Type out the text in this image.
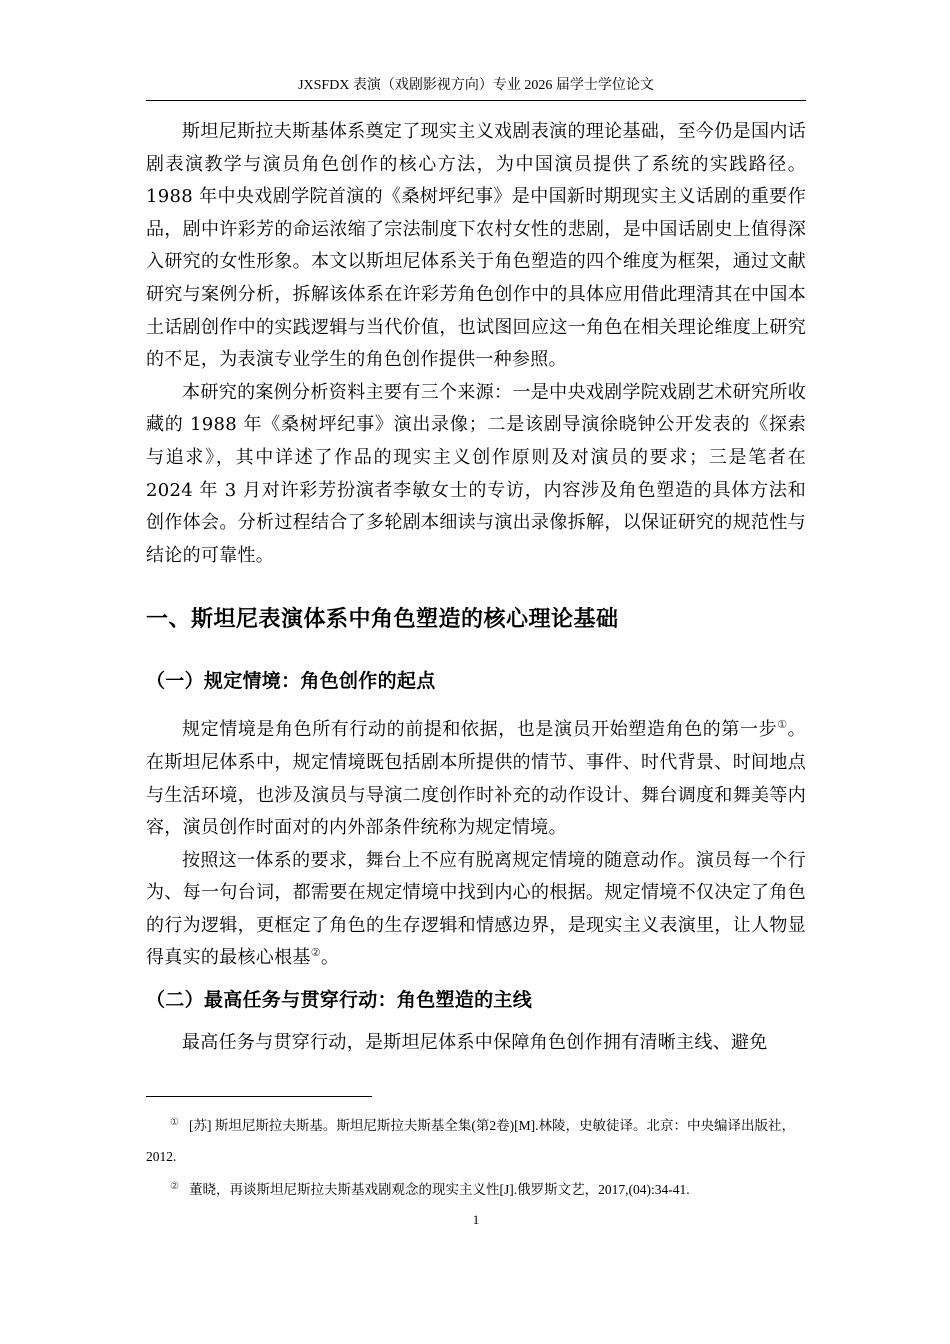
JXSFDX 表演（戏剧影视方向）专业 2026 届学士学位论文

斯坦尼斯拉夫斯基体系奠定了现实主义戏剧表演的理论基础，至今仍是国内话剧表演教学与演员角色创作的核心方法，为中国演员提供了系统的实践路径。1988 年中央戏剧学院首演的《桑树坪纪事》是中国新时期现实主义话剧的重要作品，剧中许彩芳的命运浓缩了宗法制度下农村女性的悲剧，是中国话剧史上值得深入研究的女性形象。本文以斯坦尼体系关于角色塑造的四个维度为框架，通过文献研究与案例分析，拆解该体系在许彩芳角色创作中的具体应用借此理清其在中国本土话剧创作中的实践逻辑与当代价值，也试图回应这一角色在相关理论维度上研究的不足，为表演专业学生的角色创作提供一种参照。

本研究的案例分析资料主要有三个来源：一是中央戏剧学院戏剧艺术研究所收藏的 1988 年《桑树坪纪事》演出录像；二是该剧导演徐晓钟公开发表的《探索与追求》，其中详述了作品的现实主义创作原则及对演员的要求；三是笔者在 2024 年 3 月对许彩芳扮演者李敏女士的专访，内容涉及角色塑造的具体方法和创作体会。分析过程结合了多轮剧本细读与演出录像拆解，以保证研究的规范性与结论的可靠性。

一、斯坦尼表演体系中角色塑造的核心理论基础
（一）规定情境：角色创作的起点

规定情境是角色所有行动的前提和依据，也是演员开始塑造角色的第一步①。在斯坦尼体系中，规定情境既包括剧本所提供的情节、事件、时代背景、时间地点与生活环境，也涉及演员与导演二度创作时补充的动作设计、舞台调度和舞美等内容，演员创作时面对的内外部条件统称为规定情境。

按照这一体系的要求，舞台上不应有脱离规定情境的随意动作。演员每一个行为、每一句台词，都需要在规定情境中找到内心的根据。规定情境不仅决定了角色的行为逻辑，更框定了角色的生存逻辑和情感边界，是现实主义表演里，让人物显得真实的最核心根基②。

（二）最高任务与贯穿行动：角色塑造的主线

最高任务与贯穿行动，是斯坦尼体系中保障角色创作拥有清晰主线、避免

① [苏] 斯坦尼斯拉夫斯基。斯坦尼斯拉夫斯基全集(第2卷)[M].林陵，史敏徒译。北京：中央编译出版社，2012.

② 董晓，再谈斯坦尼斯拉夫斯基戏剧观念的现实主义性[J].俄罗斯文艺，2017,(04):34-41.

1
